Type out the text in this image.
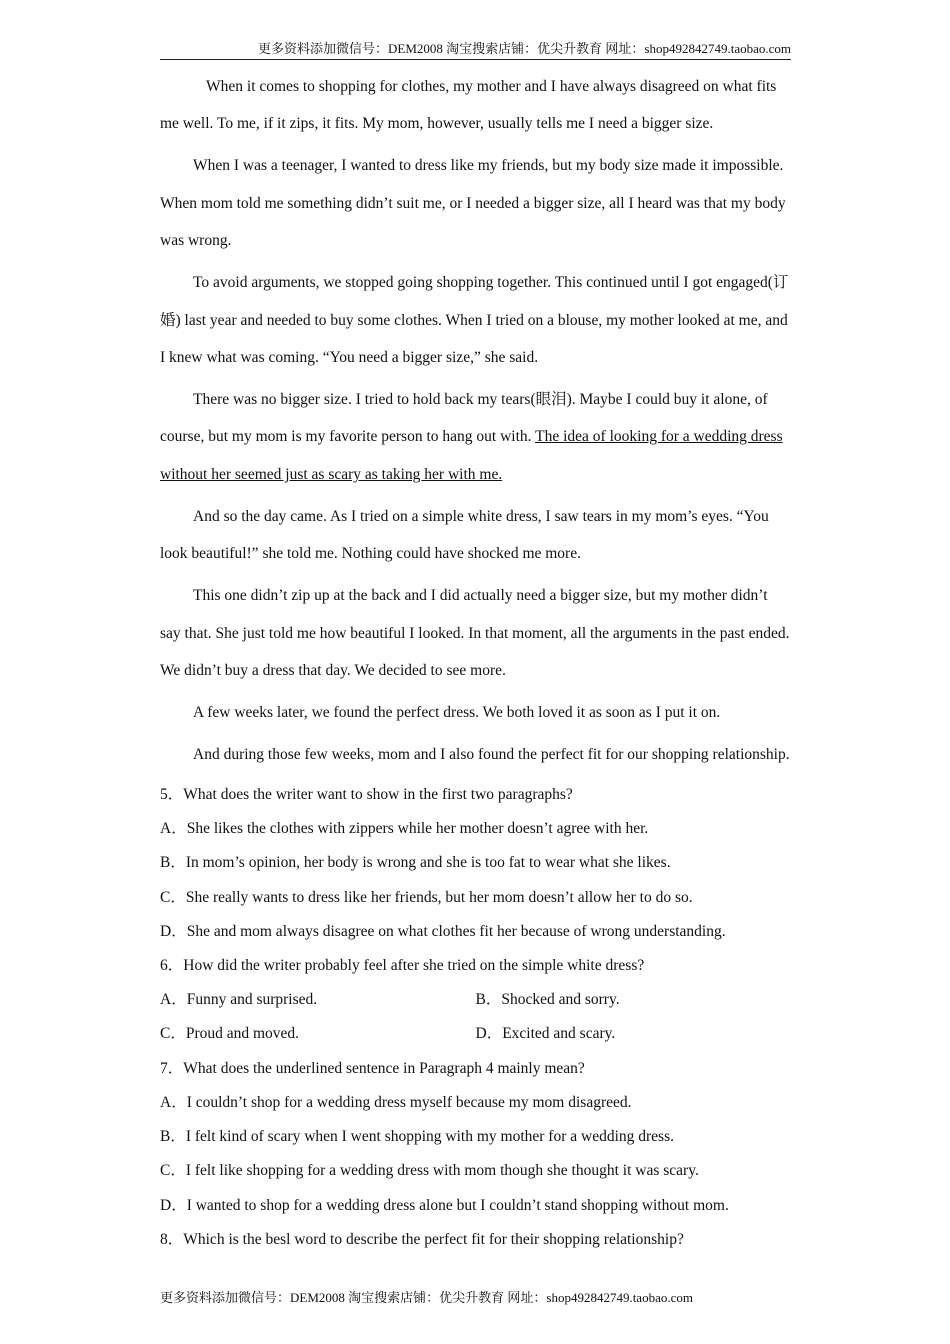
更多资料添加微信号：DEM2008 淘宝搜索店铺：优尖升教育 网址：shop492842749.taobao.com

When it comes to shopping for clothes, my mother and I have always disagreed on what fits me well. To me, if it zips, it fits. My mom, however, usually tells me I need a bigger size.

When I was a teenager, I wanted to dress like my friends, but my body size made it impossible. When mom told me something didn’t suit me, or I needed a bigger size, all I heard was that my body was wrong.

To avoid arguments, we stopped going shopping together. This continued until I got engaged(订婚) last year and needed to buy some clothes. When I tried on a blouse, my mother looked at me, and I knew what was coming. “You need a bigger size,” she said.

There was no bigger size. I tried to hold back my tears(眼泪). Maybe I could buy it alone, of course, but my mom is my favorite person to hang out with. The idea of looking for a wedding dress without her seemed just as scary as taking her with me.

And so the day came. As I tried on a simple white dress, I saw tears in my mom’s eyes. “You look beautiful!” she told me. Nothing could have shocked me more.

This one didn’t zip up at the back and I did actually need a bigger size, but my mother didn’t say that. She just told me how beautiful I looked. In that moment, all the arguments in the past ended. We didn’t buy a dress that day. We decided to see more.

A few weeks later, we found the perfect dress. We both loved it as soon as I put it on.

And during those few weeks, mom and I also found the perfect fit for our shopping relationship.

5．What does the writer want to show in the first two paragraphs?

A．She likes the clothes with zippers while her mother doesn’t agree with her.

B．In mom’s opinion, her body is wrong and she is too fat to wear what she likes.

C．She really wants to dress like her friends, but her mom doesn’t allow her to do so.

D．She and mom always disagree on what clothes fit her because of wrong understanding.

6．How did the writer probably feel after she tried on the simple white dress?

A．Funny and surprised.	B．Shocked and sorry.

C．Proud and moved.	D．Excited and scary.

7．What does the underlined sentence in Paragraph 4 mainly mean?

A．I couldn’t shop for a wedding dress myself because my mom disagreed.

B．I felt kind of scary when I went shopping with my mother for a wedding dress.

C．I felt like shopping for a wedding dress with mom though she thought it was scary.

D．I wanted to shop for a wedding dress alone but I couldn’t stand shopping without mom.

8．Which is the besl word to describe the perfect fit for their shopping relationship?

更多资料添加微信号：DEM2008 淘宝搜索店铺：优尖升教育 网址：shop492842749.taobao.com
